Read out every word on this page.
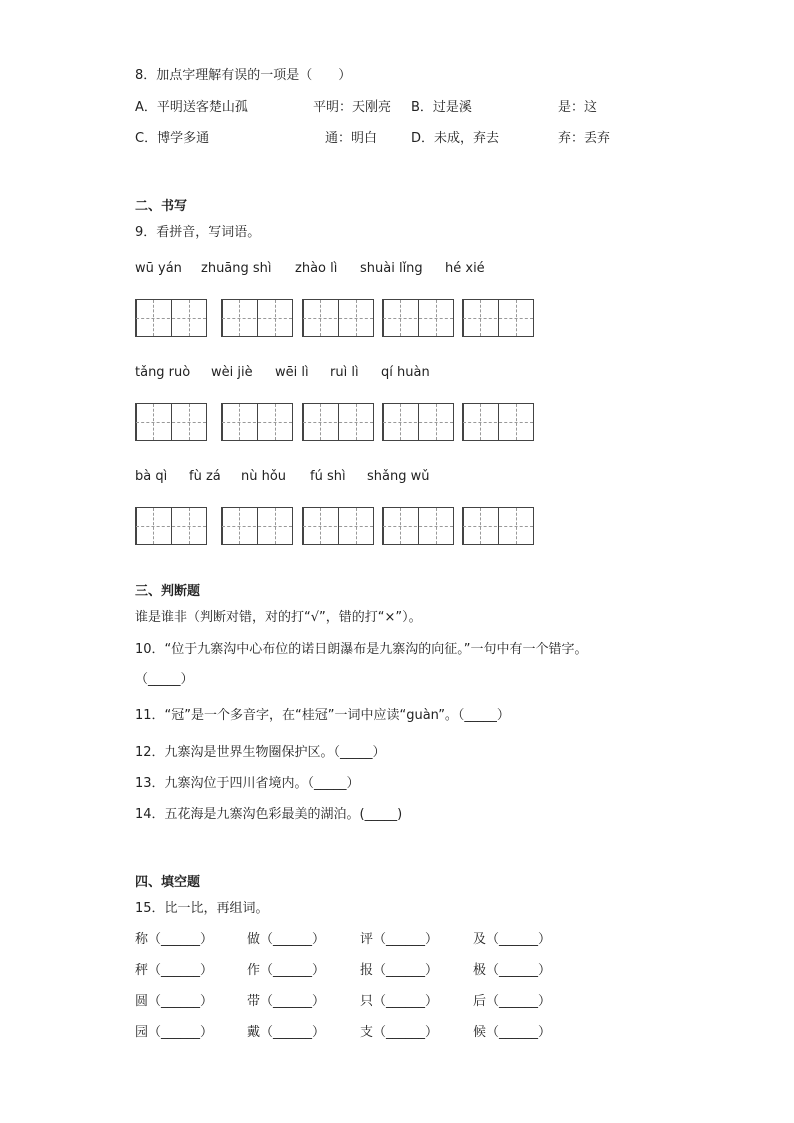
8．加点字理解有误的一项是（　　）
A．平明送客楚山孤	平明：天刚亮 B．过是溪	是：这
C．博学多通	通：明白	D．未成，弃去	弃：丢弃
二、书写
9．看拼音，写词语。
wū yán zhuāng shì zhào lì shuài lǐng hé xié
tǎng ruò wèi jiè wēi lì ruì lì qí huàn
bà qì fù zá nù hǒu fú shì shǎng wǔ
三、判断题
谁是谁非（判断对错，对的打“√”，错的打“×”）。
10．“位于九寨沟中心布位的诺日朗瀑布是九寨沟的向征。”一句中有一个错字。
（_____）
11．“冠”是一个多音字，在“桂冠”一词中应读“guàn”。（_____）
12．九寨沟是世界生物圈保护区。（_____）
13．九寨沟位于四川省境内。（_____）
14．五花海是九寨沟色彩最美的湖泊。(_____)
四、填空题
15．比一比，再组词。
称（______）	做（______）	评（______）	及（______）
秤（______）	作（______）	报（______）	极（______）
圆（______）	带（______）	只（______）	后（______）
园（______）	戴（______）	支（______）	候（______）
